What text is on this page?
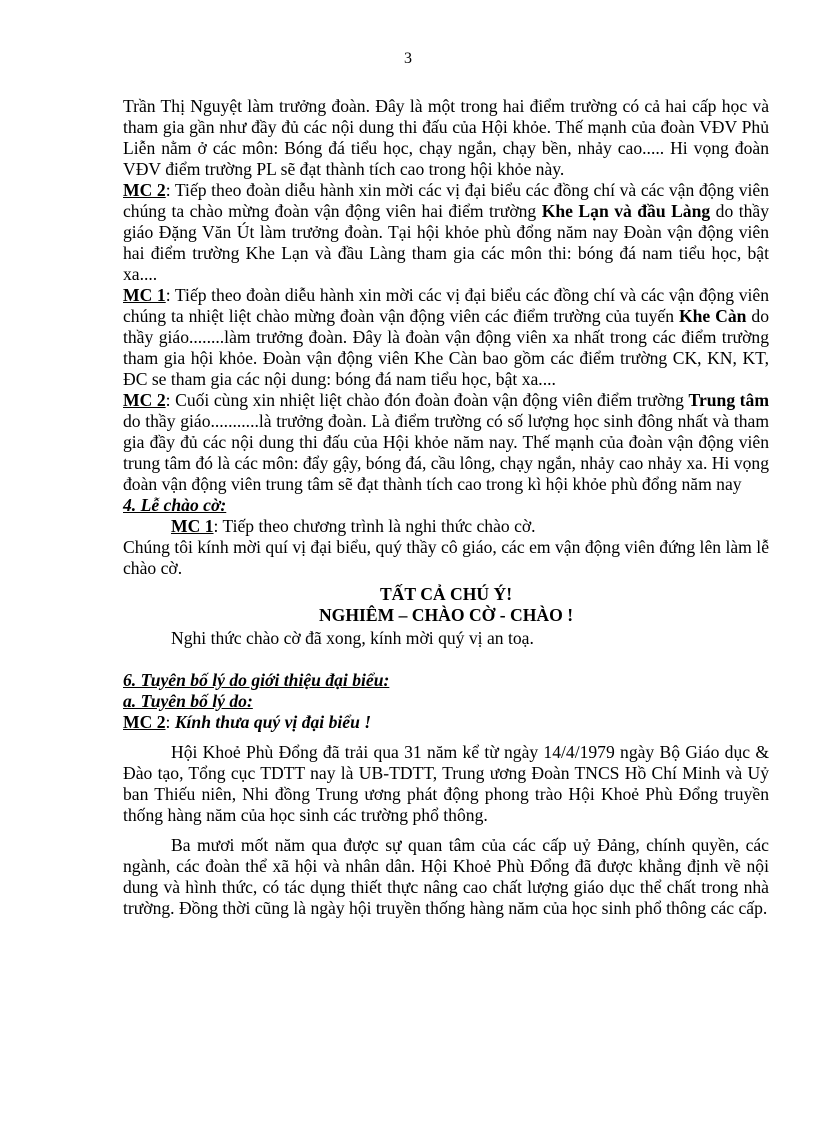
3

Trần Thị Nguyệt làm trưởng đoàn. Đây là một trong hai điểm trường có cả hai cấp học và tham gia gần như đầy đủ các nội dung thi đấu của Hội khỏe. Thế mạnh của đoàn VĐV Phủ Liễn nằm ở các môn: Bóng đá tiểu học, chạy ngắn, chạy bền, nhảy cao..... Hi vọng đoàn VĐV điểm trường PL sẽ đạt thành tích cao trong hội khỏe này.

MC 2: Tiếp theo đoàn diễu hành xin mời các vị đại biểu các đồng chí và các vận động viên chúng ta chào mừng đoàn vận động viên hai điểm trường Khe Lạn và đầu Làng do thầy giáo Đặng Văn Út làm trưởng đoàn. Tại hội khỏe phù đổng năm nay Đoàn vận động viên hai điểm trường Khe Lạn và đầu Làng tham gia các môn thi: bóng đá nam tiểu học, bật xa....

MC 1: Tiếp theo đoàn diễu hành xin mời các vị đại biểu các đồng chí và các vận động viên chúng ta nhiệt liệt chào mừng đoàn vận động viên các điểm trường của tuyến Khe Càn do thầy giáo........làm trưởng đoàn. Đây là đoàn vận động viên xa nhất trong các điểm trường tham gia hội khỏe. Đoàn vận động viên Khe Càn bao gồm các điểm trường CK, KN, KT, ĐC se tham gia các nội dung: bóng đá nam tiểu học, bật xa....

MC 2: Cuối cùng xin nhiệt liệt chào đón đoàn đoàn vận động viên điểm trường Trung tâm do thầy giáo...........là trưởng đoàn. Là điểm trường có số lượng học sinh đông nhất và tham gia đầy đủ các nội dung thi đấu của Hội khỏe năm nay. Thế mạnh của đoàn vận động viên trung tâm đó là các môn: đẩy gậy, bóng đá, cầu lông, chạy ngắn, nhảy cao nhảy xa. Hi vọng đoàn vận động viên trung tâm sẽ đạt thành tích cao trong kì hội khỏe phù đổng năm nay

4. Lễ chào cờ:

MC 1: Tiếp theo chương trình là nghi thức chào cờ.

Chúng tôi kính mời quí vị đại biểu, quý thầy cô giáo, các em vận động viên đứng lên làm lễ chào cờ.

TẤT CẢ CHÚ Ý!

NGHIÊM – CHÀO CỜ - CHÀO !

Nghi thức chào cờ đã xong, kính mời quý vị an toạ.

6. Tuyên bố lý do giới thiệu đại biểu:

a. Tuyên bố lý do:

MC 2: Kính thưa quý vị đại biểu !

Hội Khoẻ Phù Đổng đã trải qua 31 năm kể từ ngày 14/4/1979 ngày Bộ Giáo dục & Đào tạo, Tổng cục TDTT nay là UB-TDTT, Trung ương Đoàn TNCS Hồ Chí Minh và Uỷ ban Thiếu niên, Nhi đồng Trung ương phát động phong trào Hội Khoẻ Phù Đổng truyền thống hàng năm của học sinh các trường phổ thông.

Ba mươi mốt năm qua được sự quan tâm của các cấp uỷ Đảng, chính quyền, các ngành, các đoàn thể xã hội và nhân dân. Hội Khoẻ Phù Đổng đã được khẳng định về nội dung và hình thức, có tác dụng thiết thực nâng cao chất lượng giáo dục thể chất trong nhà trường. Đồng thời cũng là ngày hội truyền thống hàng năm của học sinh phổ thông các cấp.
